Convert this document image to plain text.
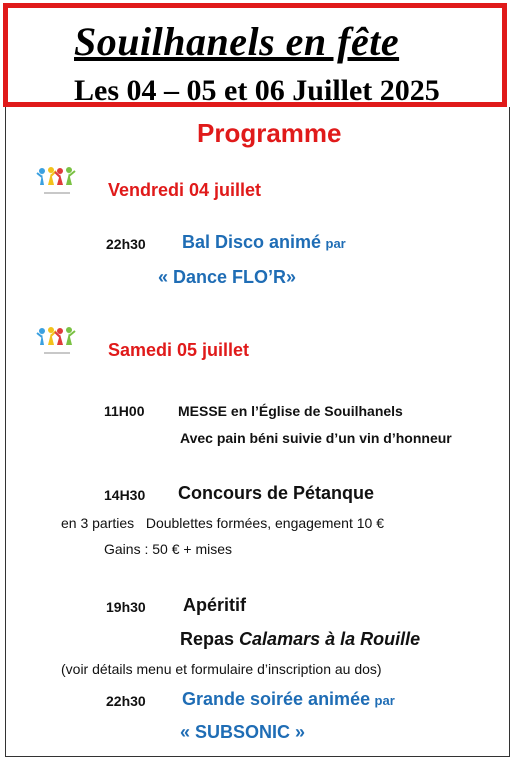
Souilhanels en fête
Les 04 – 05 et 06 Juillet 2025
Programme
Vendredi 04 juillet
22h30 Bal Disco animé par
« Dance FLO’R»
Samedi 05 juillet
11H00 MESSE en l’Église de Souilhanels
Avec pain béni suivie d’un vin d’honneur
14H30 Concours de Pétanque
en 3 parties   Doublettes formées, engagement 10 €
Gains : 50 € + mises
19h30 Apéritif
Repas Calamars à la Rouille
(voir détails menu et formulaire d’inscription au dos)
22h30 Grande soirée animée par
« SUBSONIC »
